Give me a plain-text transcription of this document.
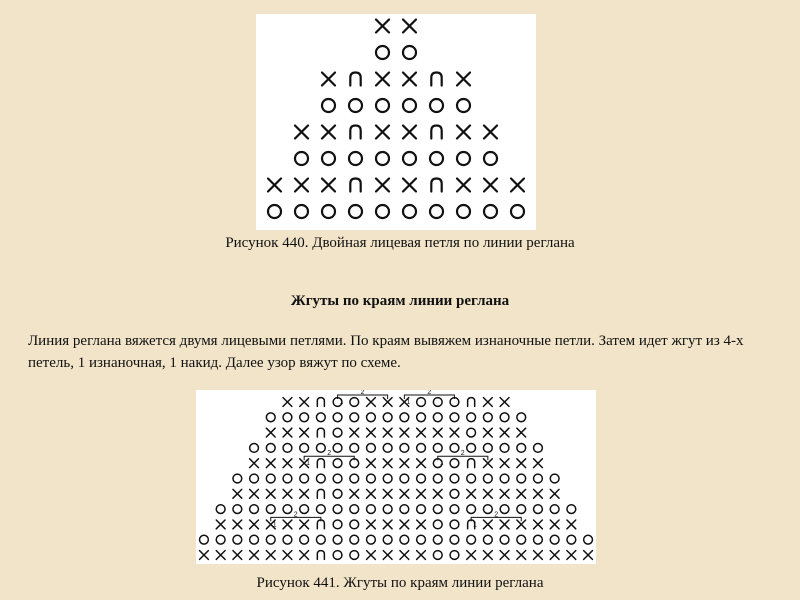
Рисунок 440. Двойная лицевая петля по линии реглана
Жгуты по краям линии реглана
Линия реглана вяжется двумя лицевыми петлями. По краям вывяжем изнаночные петли. Затем идет жгут из 4-х петель, 1 изнаночная, 1 накид. Далее узор вяжут по схеме.
1
2
1
2
1
2
1
2
1
2
1
2
Рисунок 441. Жгуты по краям линии реглана
